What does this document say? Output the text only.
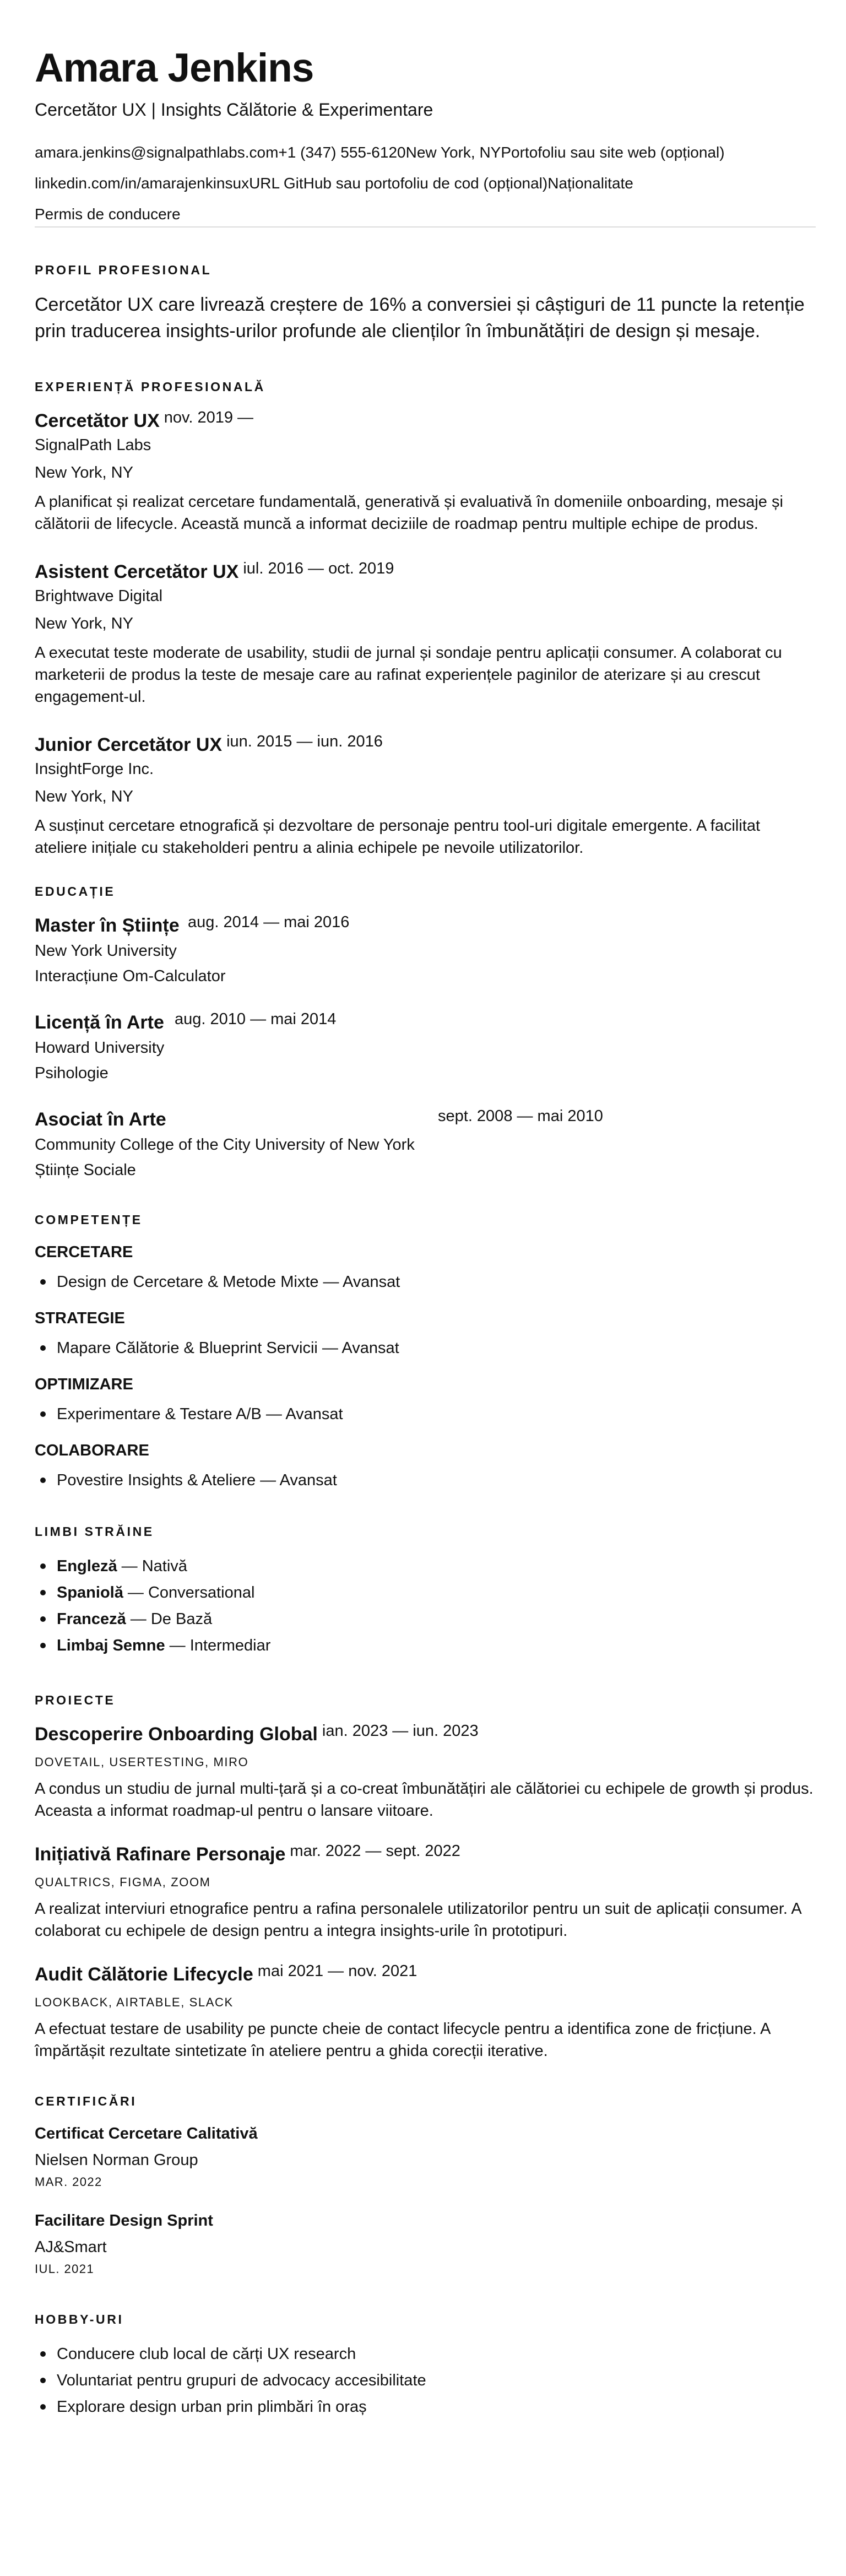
Amara Jenkins
Cercetător UX | Insights Călătorie & Experimentare
amara.jenkins@signalpathlabs.com+1 (347) 555-6120New York, NYPortofoliu sau site web (opțional)
linkedin.com/in/amarajenkinsuxURL GitHub sau portofoliu de cod (opțional)Naționalitate
Permis de conducere
PROFIL PROFESIONAL

Cercetător UX care livrează creștere de 16% a conversiei și câștiguri de 11 puncte la retenție prin traducerea insights-urilor profunde ale clienților în îmbunătățiri de design și mesaje.

EXPERIENȚĂ PROFESIONALĂ
Cercetător UX nov. 2019 —
SignalPath Labs
New York, NY

A planificat și realizat cercetare fundamentală, generativă și evaluativă în domeniile onboarding, mesaje și călătorii de lifecycle. Această muncă a informat deciziile de roadmap pentru multiple echipe de produs.

Asistent Cercetător UX iul. 2016 — oct. 2019
Brightwave Digital
New York, NY

A executat teste moderate de usability, studii de jurnal și sondaje pentru aplicații consumer. A colaborat cu marketerii de produs la teste de mesaje care au rafinat experiențele paginilor de aterizare și au crescut engagement-ul.

Junior Cercetător UX iun. 2015 — iun. 2016
InsightForge Inc.
New York, NY

A susținut cercetare etnografică și dezvoltare de personaje pentru tool-uri digitale emergente. A facilitat ateliere inițiale cu stakeholderi pentru a alinia echipele pe nevoile utilizatorilor.

EDUCAȚIE
Master în Științe aug. 2014 — mai 2016
New York University
Interacțiune Om-Calculator
Licență în Arte aug. 2010 — mai 2014
Howard University
Psihologie
Asociat în Arte	sept. 2008 — mai 2010
Community College of the City University of New York
Științe Sociale
COMPETENȚE
CERCETARE
Design de Cercetare & Metode Mixte — Avansat
STRATEGIE
Mapare Călătorie & Blueprint Servicii — Avansat
OPTIMIZARE
Experimentare & Testare A/B — Avansat
COLABORARE
Povestire Insights & Ateliere — Avansat
LIMBI STRĂINE
Engleză — Nativă
Spaniolă — Conversational
Franceză — De Bază
Limbaj Semne — Intermediar
PROIECTE
Descoperire Onboarding Global ian. 2023 — iun. 2023
DOVETAIL, USERTESTING, MIRO

A condus un studiu de jurnal multi-țară și a co-creat îmbunătățiri ale călătoriei cu echipele de growth și produs. Aceasta a informat roadmap-ul pentru o lansare viitoare.

Inițiativă Rafinare Personaje mar. 2022 — sept. 2022
QUALTRICS, FIGMA, ZOOM

A realizat interviuri etnografice pentru a rafina personalele utilizatorilor pentru un suit de aplicații consumer. A colaborat cu echipele de design pentru a integra insights-urile în prototipuri.

Audit Călătorie Lifecycle mai 2021 — nov. 2021
LOOKBACK, AIRTABLE, SLACK

A efectuat testare de usability pe puncte cheie de contact lifecycle pentru a identifica zone de fricțiune. A împărtășit rezultate sintetizate în ateliere pentru a ghida corecții iterative.

CERTIFICĂRI
Certificat Cercetare Calitativă
Nielsen Norman Group
MAR. 2022
Facilitare Design Sprint
AJ&Smart
IUL. 2021
HOBBY-URI
Conducere club local de cărți UX research
Voluntariat pentru grupuri de advocacy accesibilitate
Explorare design urban prin plimbări în oraș
